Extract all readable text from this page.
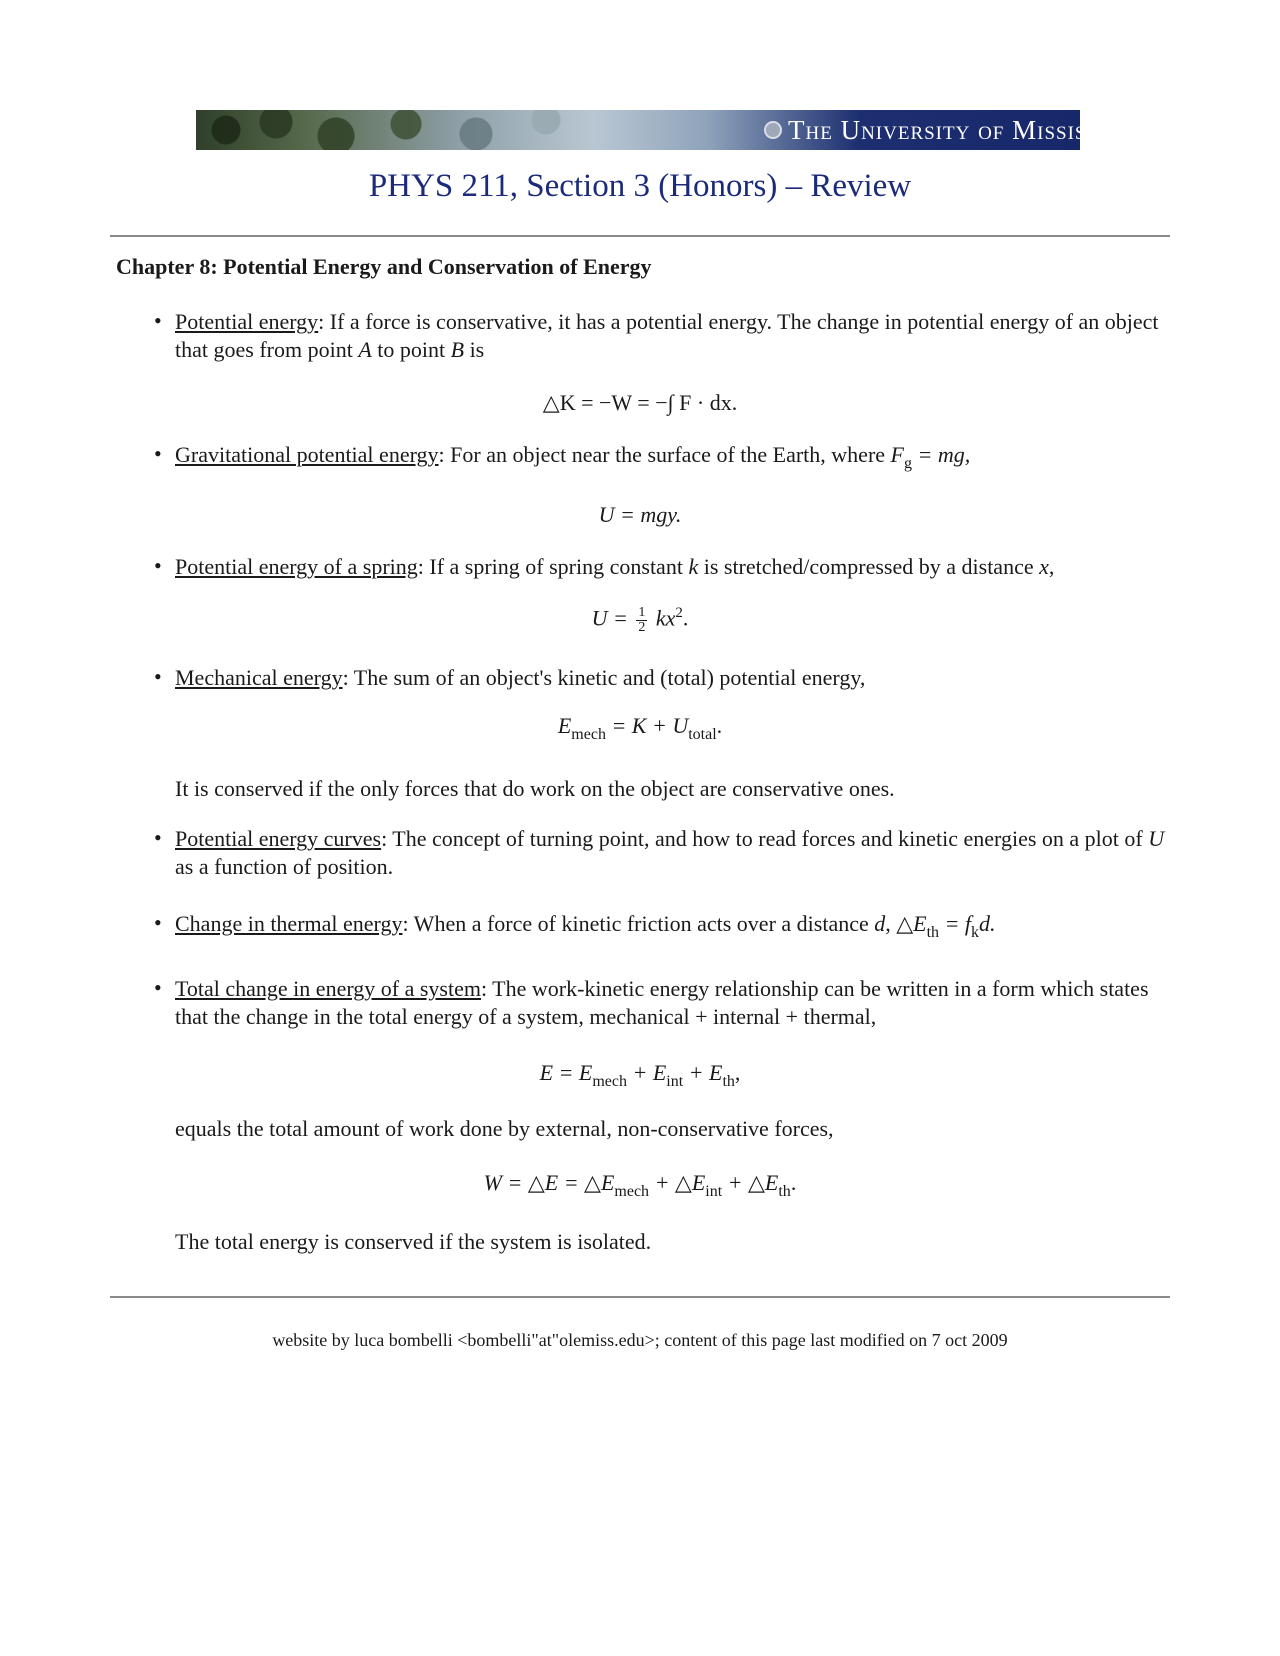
The University of Mississippi
PHYS 211, Section 3 (Honors) – Review
Chapter 8: Potential Energy and Conservation of Energy
• Potential energy: If a force is conservative, it has a potential energy. The change in potential energy of an object that goes from point A to point B is
△K = −W = −∫ F · dx.
• Gravitational potential energy: For an object near the surface of the Earth, where $F_g$ = mg,
U = mgy.
• Potential energy of a spring: If a spring of spring constant k is stretched/compressed by a distance x,
$U = \frac{1}{2} kx^2$.
• Mechanical energy: The sum of an object's kinetic and (total) potential energy,
$E_{mech} = K + U_{total}$.
It is conserved if the only forces that do work on the object are conservative ones.
• Potential energy curves: The concept of turning point, and how to read forces and kinetic energies on a plot of U as a function of position.
• Change in thermal energy: When a force of kinetic friction acts over a distance d, $\triangle E_{th} = f_kd$.
• Total change in energy of a system: The work-kinetic energy relationship can be written in a form which states that the change in the total energy of a system, mechanical + internal + thermal,
$E = E_{mech} + E_{int} + E_{th}$,
equals the total amount of work done by external, non-conservative forces,
W = △E = $\triangle E_{mech}$ + $\triangle E_{int}$ + $\triangle E_{th}$.
The total energy is conserved if the system is isolated.
website by luca bombelli <bombelli"at"olemiss.edu>; content of this page last modified on 7 oct 2009
